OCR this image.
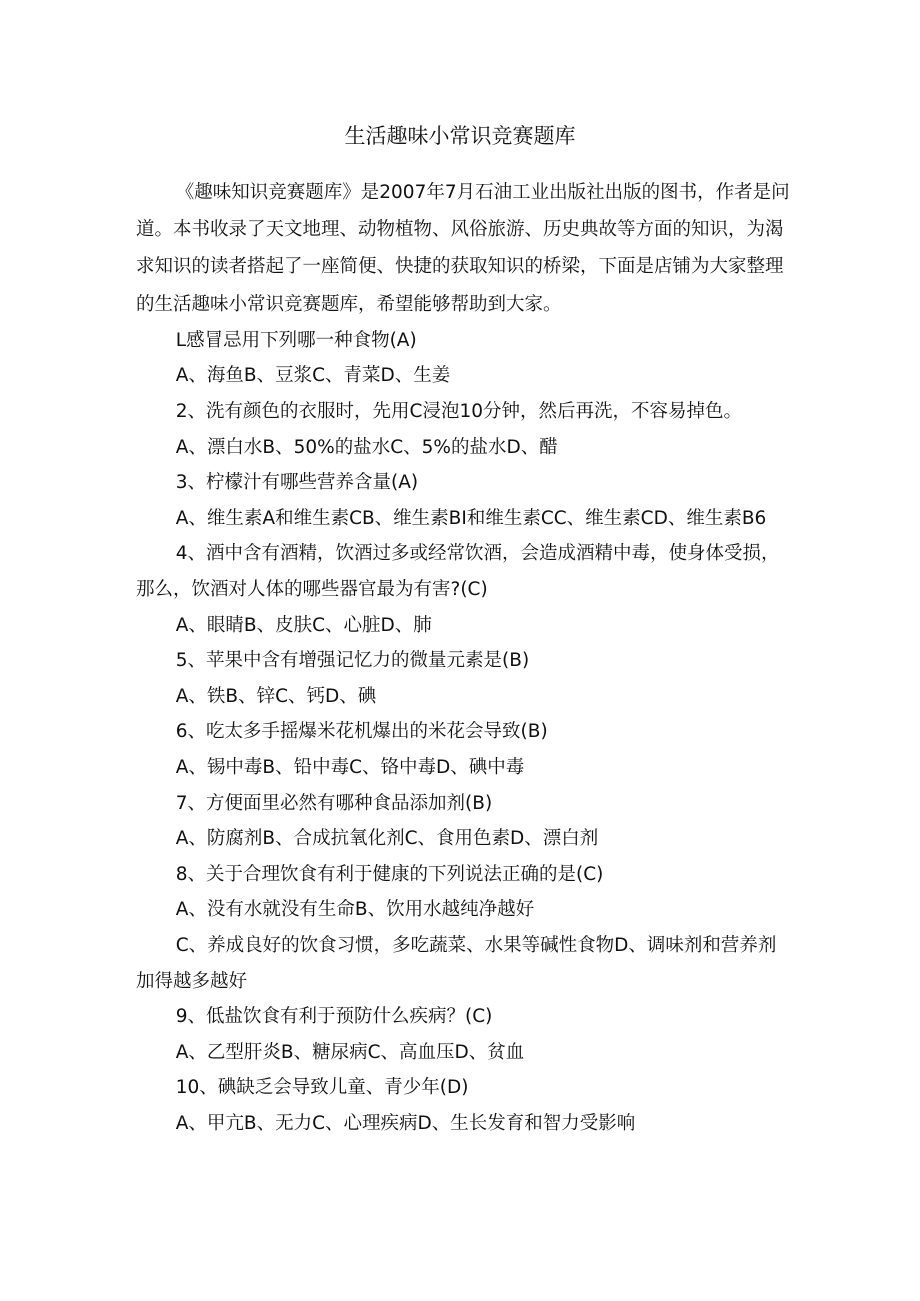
生活趣味小常识竞赛题库

《趣味知识竞赛题库》是2007年7月石油工业出版社出版的图书，作者是问道。本书收录了天文地理、动物植物、风俗旅游、历史典故等方面的知识，为渴求知识的读者搭起了一座简便、快捷的获取知识的桥梁，下面是店铺为大家整理的生活趣味小常识竞赛题库，希望能够帮助到大家。

L感冒忌用下列哪一种食物(A)

A、海鱼B、豆浆C、青菜D、生姜

2、洗有颜色的衣服时，先用C浸泡10分钟，然后再洗，不容易掉色。

A、漂白水B、50%的盐水C、5%的盐水D、醋

3、柠檬汁有哪些营养含量(A)

A、维生素A和维生素CB、维生素BI和维生素CC、维生素CD、维生素B6

4、酒中含有酒精，饮酒过多或经常饮酒，会造成酒精中毒，使身体受损，那么，饮酒对人体的哪些器官最为有害?(C)

A、眼睛B、皮肤C、心脏D、肺

5、苹果中含有增强记忆力的微量元素是(B)

A、铁B、锌C、钙D、碘

6、吃太多手摇爆米花机爆出的米花会导致(B)

A、锡中毒B、铅中毒C、铬中毒D、碘中毒

7、方便面里必然有哪种食品添加剂(B)

A、防腐剂B、合成抗氧化剂C、食用色素D、漂白剂

8、关于合理饮食有利于健康的下列说法正确的是(C)

A、没有水就没有生命B、饮用水越纯净越好

C、养成良好的饮食习惯，多吃蔬菜、水果等碱性食物D、调味剂和营养剂加得越多越好

9、低盐饮食有利于预防什么疾病？(C)

A、乙型肝炎B、糖尿病C、高血压D、贫血

10、碘缺乏会导致儿童、青少年(D)

A、甲亢B、无力C、心理疾病D、生长发育和智力受影响
